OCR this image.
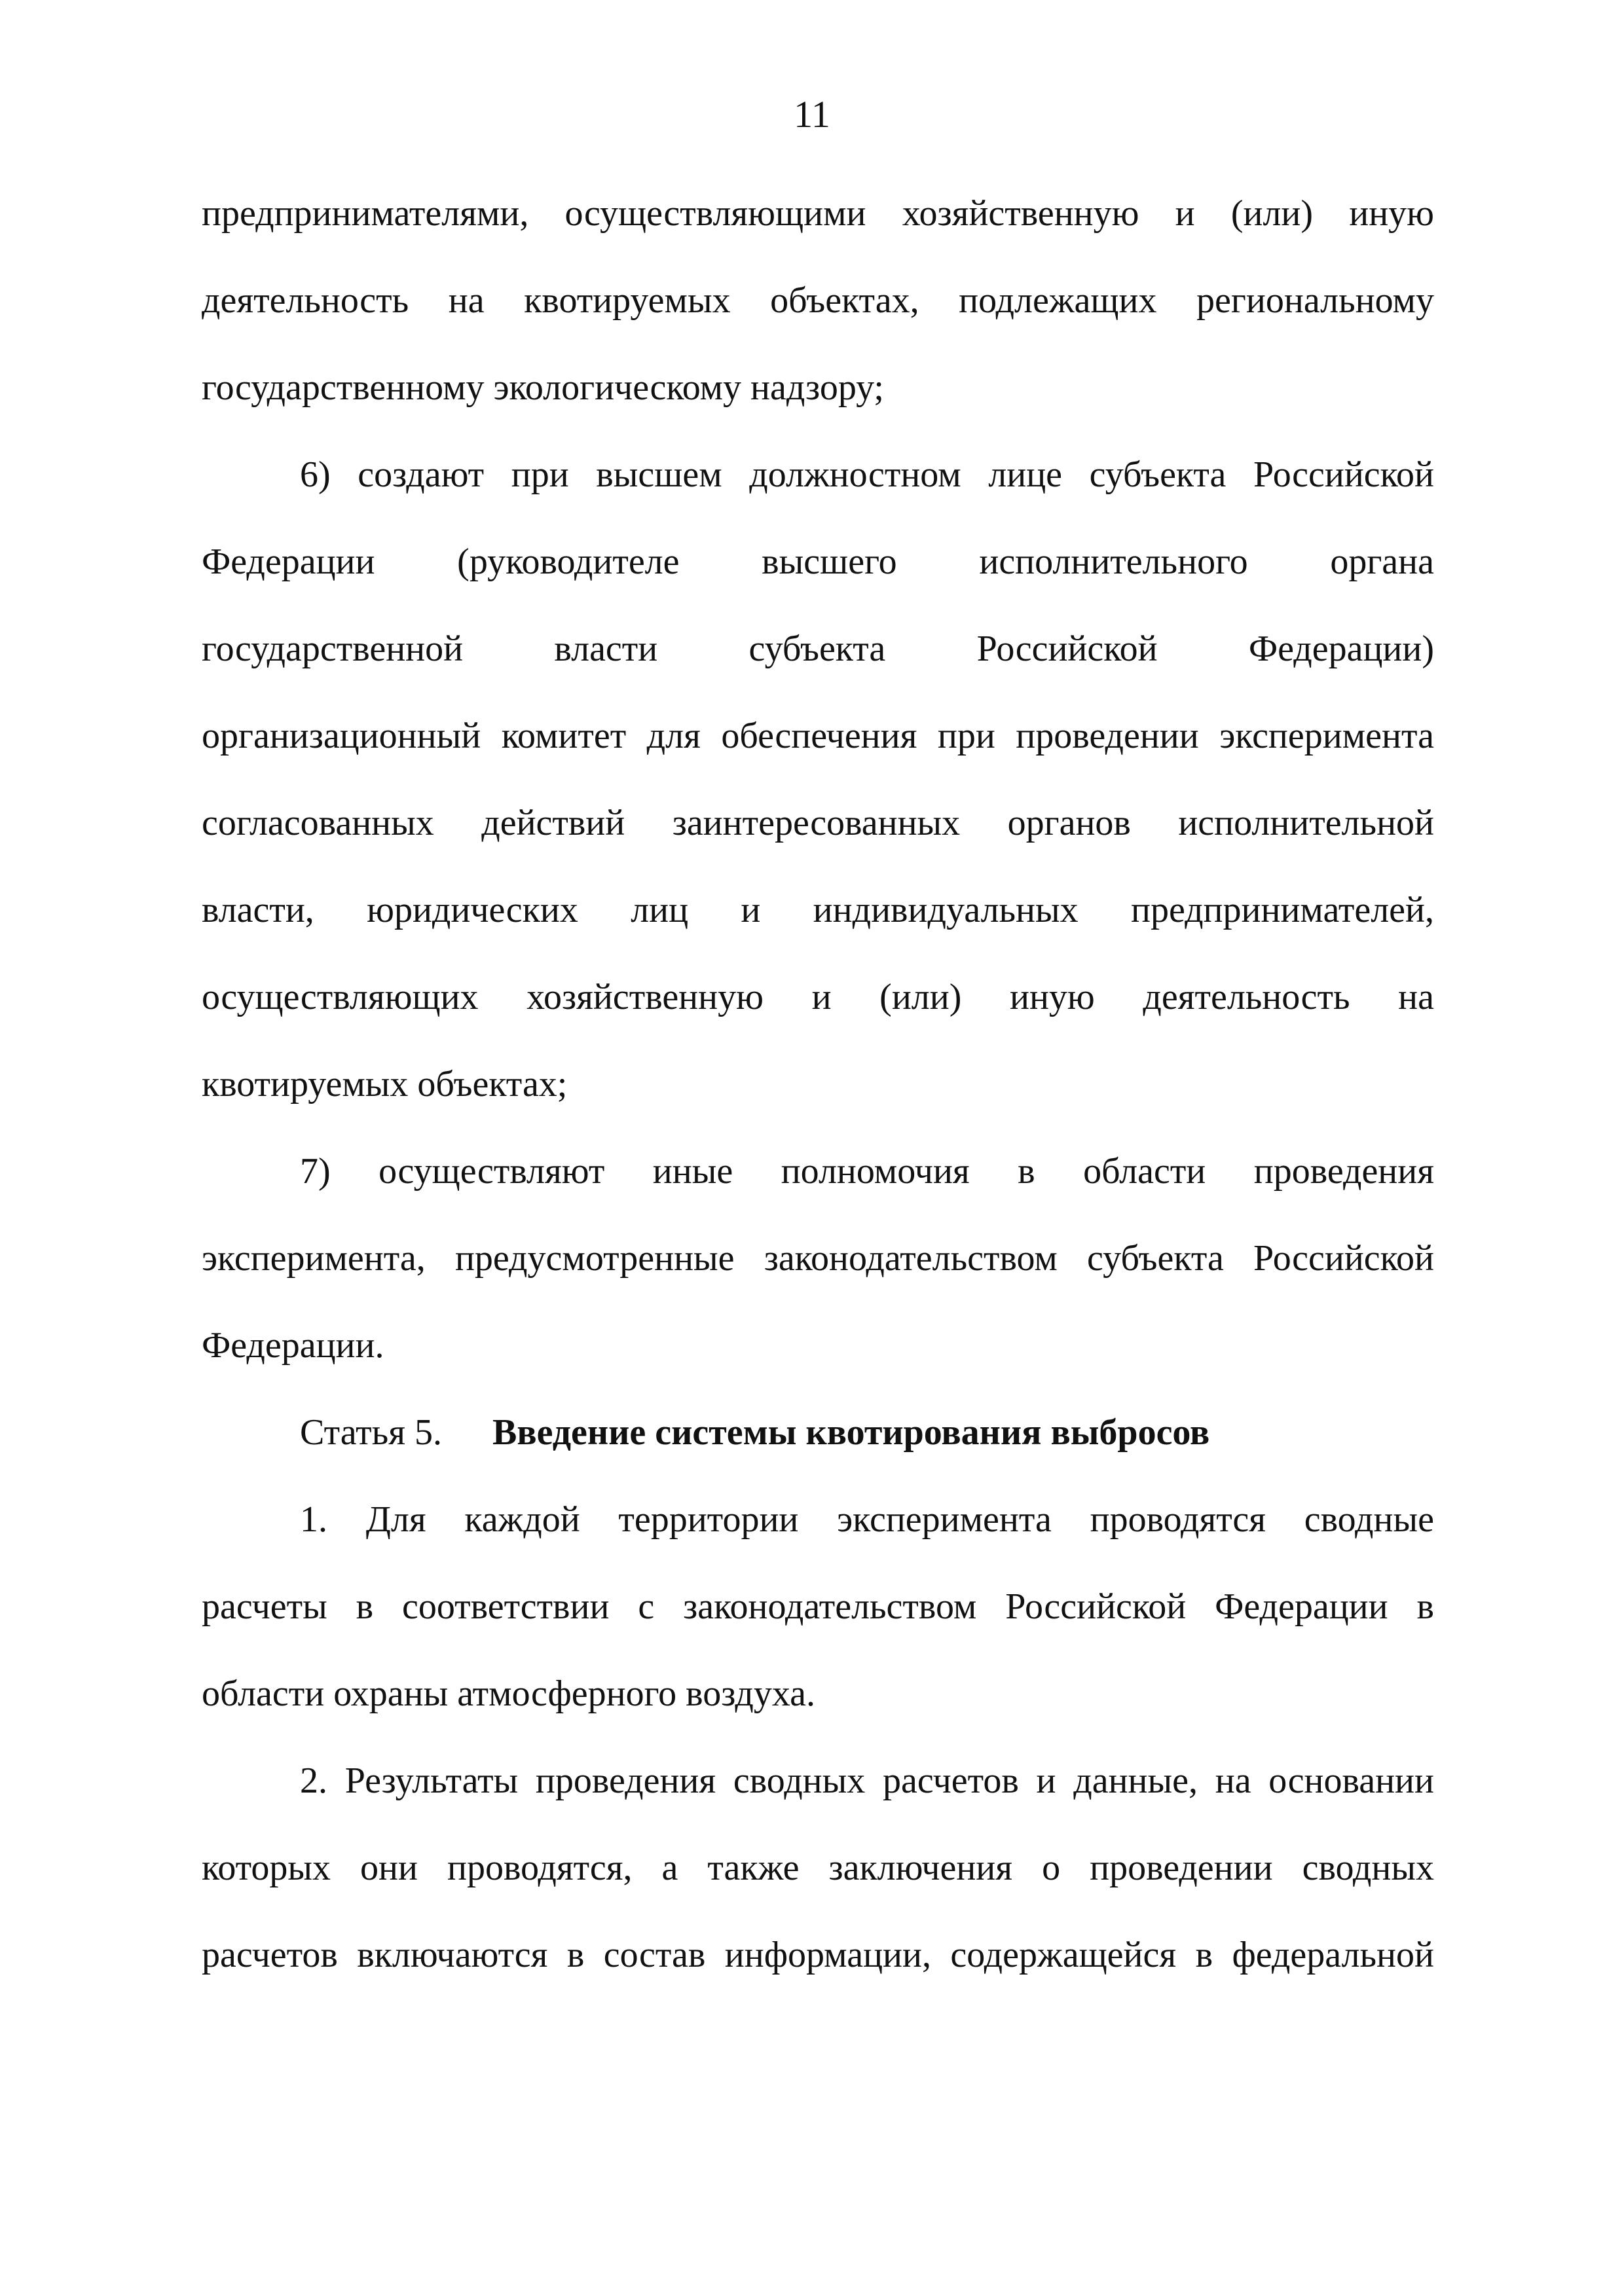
11
предпринимателями, осуществляющими хозяйственную и (или) иную
деятельность на квотируемых объектах, подлежащих региональному
государственному экологическому надзору;
6) создают при высшем должностном лице субъекта Российской
Федерации (руководителе высшего исполнительного органа
государственной власти субъекта Российской Федерации)
организационный комитет для обеспечения при проведении эксперимента
согласованных действий заинтересованных органов исполнительной
власти, юридических лиц и индивидуальных предпринимателей,
осуществляющих хозяйственную и (или) иную деятельность на
квотируемых объектах;
7) осуществляют иные полномочия в области проведения
эксперимента, предусмотренные законодательством субъекта Российской
Федерации.
Статья 5. Введение системы квотирования выбросов
1. Для каждой территории эксперимента проводятся сводные
расчеты в соответствии с законодательством Российской Федерации в
области охраны атмосферного воздуха.
2. Результаты проведения сводных расчетов и данные, на основании
которых они проводятся, а также заключения о проведении сводных
расчетов включаются в состав информации, содержащейся в федеральной
